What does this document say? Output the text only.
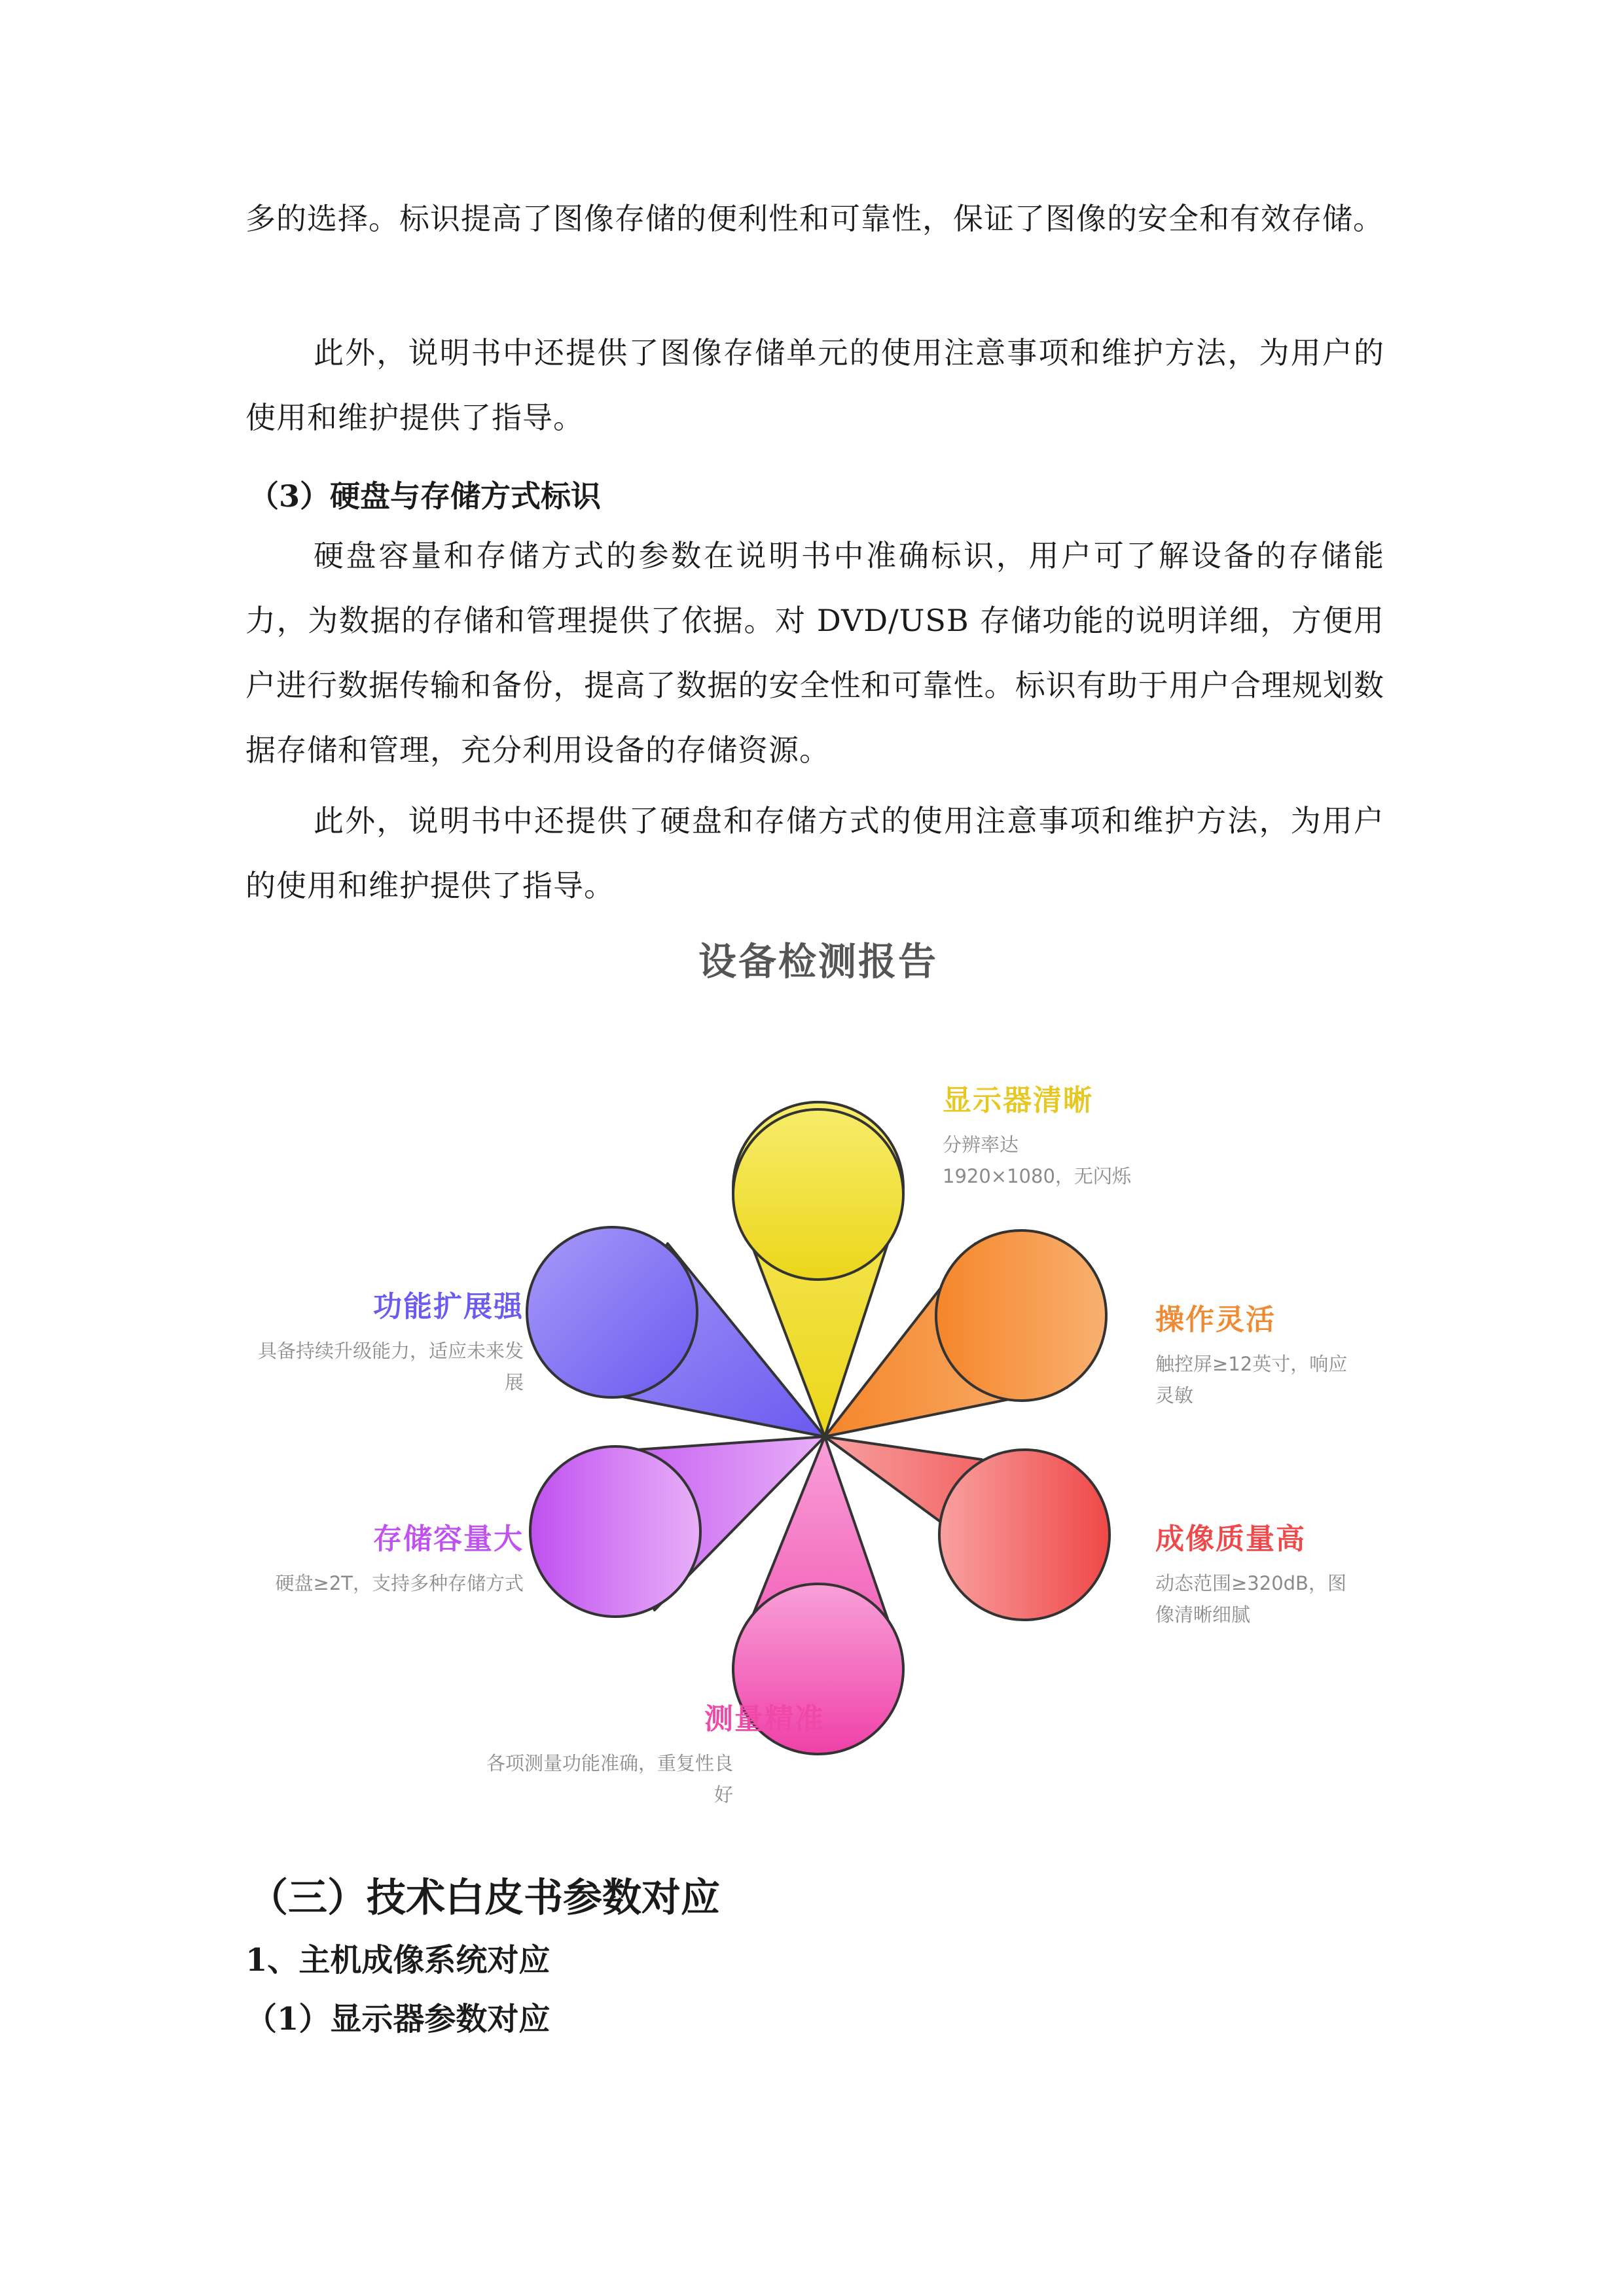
多的选择。标识提高了图像存储的便利性和可靠性，保证了图像的安全和有效存储。

此外，说明书中还提供了图像存储单元的使用注意事项和维护方法，为用户的使用和维护提供了指导。

（3）硬盘与存储方式标识

硬盘容量和存储方式的参数在说明书中准确标识，用户可了解设备的存储能力，为数据的存储和管理提供了依据。对 DVD/USB 存储功能的说明详细，方便用户进行数据传输和备份，提高了数据的安全性和可靠性。标识有助于用户合理规划数据存储和管理，充分利用设备的存储资源。

此外，说明书中还提供了硬盘和存储方式的使用注意事项和维护方法，为用户的使用和维护提供了指导。

设备检测报告
显示器清晰
分辨率达1920×1080，无闪烁
操作灵活
触控屏≥12英寸，响应灵敏
成像质量高
动态范围≥320dB，图像清晰细腻
测量精准
各项测量功能准确，重复性良好
存储容量大
硬盘≥2T，支持多种存储方式
功能扩展强
具备持续升级能力，适应未来发展
（三）技术白皮书参数对应
1、主机成像系统对应
（1）显示器参数对应
